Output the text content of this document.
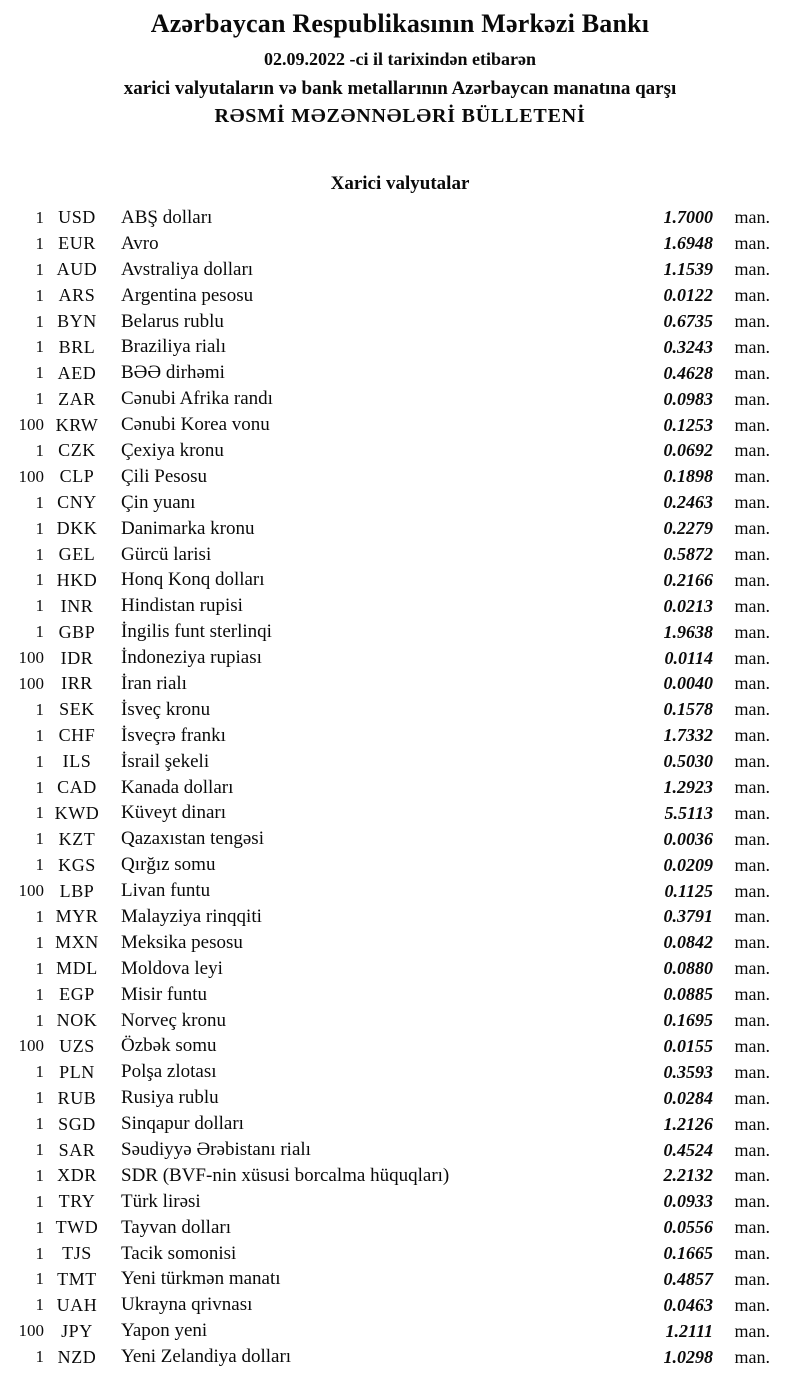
Azərbaycan Respublikasının Mərkəzi Bankı

02.09.2022 -ci il tarixindən etibarən

xarici valyutaların və bank metallarının Azərbaycan manatına qarşı

RƏSMİ MƏZƏNNƏLƏRİ BÜLLETENİ

Xarici valyutalar
1 USD	ABŞ dolları	1.7000	man.
1 EUR	Avro	1.6948	man.
1 AUD	Avstraliya dolları	1.1539	man.
1 ARS	Argentina pesosu	0.0122	man.
1 BYN	Belarus rublu	0.6735	man.
1 BRL	Braziliya rialı	0.3243	man.
1 AED	BƏƏ dirhəmi	0.4628	man.
1 ZAR	Cənubi Afrika randı	0.0983	man.
100 KRW	Cənubi Korea vonu	0.1253	man.
1 CZK	Çexiya kronu	0.0692	man.
100 CLP	Çili Pesosu	0.1898	man.
1 CNY	Çin yuanı	0.2463	man.
1 DKK	Danimarka kronu	0.2279	man.
1 GEL	Gürcü larisi	0.5872	man.
1 HKD	Honq Konq dolları	0.2166	man.
1 INR	Hindistan rupisi	0.0213	man.
1 GBP	İngilis funt sterlinqi	1.9638	man.
100 IDR	İndoneziya rupiası	0.0114	man.
100 IRR	İran rialı	0.0040	man.
1 SEK	İsveç kronu	0.1578	man.
1 CHF	İsveçrə frankı	1.7332	man.
1	ILS	İsrail şekeli	0.5030	man.
1 CAD	Kanada dolları	1.2923	man.
1 KWD	Küveyt dinarı	5.5113	man.
1 KZT	Qazaxıstan tengəsi	0.0036	man.
1 KGS	Qırğız somu	0.0209	man.
100 LBP	Livan funtu	0.1125	man.
1 MYR	Malayziya rinqqiti	0.3791	man.
1 MXN	Meksika pesosu	0.0842	man.
1 MDL	Moldova leyi	0.0880	man.
1 EGP	Misir funtu	0.0885	man.
1 NOK	Norveç kronu	0.1695	man.
100 UZS	Özbək somu	0.0155	man.
1 PLN	Polşa zlotası	0.3593	man.
1 RUB	Rusiya rublu	0.0284	man.
1 SGD	Sinqapur dolları	1.2126	man.
1 SAR	Səudiyyə Ərəbistanı rialı	0.4524	man.
1 XDR	SDR (BVF-nin xüsusi borcalma hüquqları)	2.2132	man.
1 TRY	Türk lirəsi	0.0933	man.
1 TWD	Tayvan dolları	0.0556	man.
1	TJS	Tacik somonisi	0.1665	man.
1 TMT	Yeni türkmən manatı	0.4857	man.
1 UAH	Ukrayna qrivnası	0.0463	man.
100 JPY	Yapon yeni	1.2111	man.
1 NZD	Yeni Zelandiya dolları	1.0298	man.
